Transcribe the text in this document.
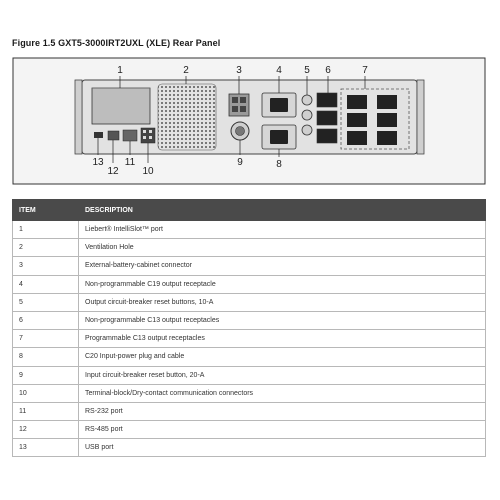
Figure 1.5 GXT5-3000IRT2UXL (XLE) Rear Panel
1	2	3	4 5 6	7
8
9
10
11
12
13
ITEM	DESCRIPTION
1	Liebert® IntelliSlot™ port
2	Ventilation Hole
3	External-battery-cabinet connector
4	Non-programmable C19 output receptacle
5	Output circuit-breaker reset buttons, 10-A
6	Non-programmable C13 output receptacles
7	Programmable C13 output receptacles
8	C20 Input-power plug and cable
9	Input circuit-breaker reset button, 20-A
10	Terminal-block/Dry-contact communication connectors
11	RS-232 port
12	RS-485 port
13	USB port
